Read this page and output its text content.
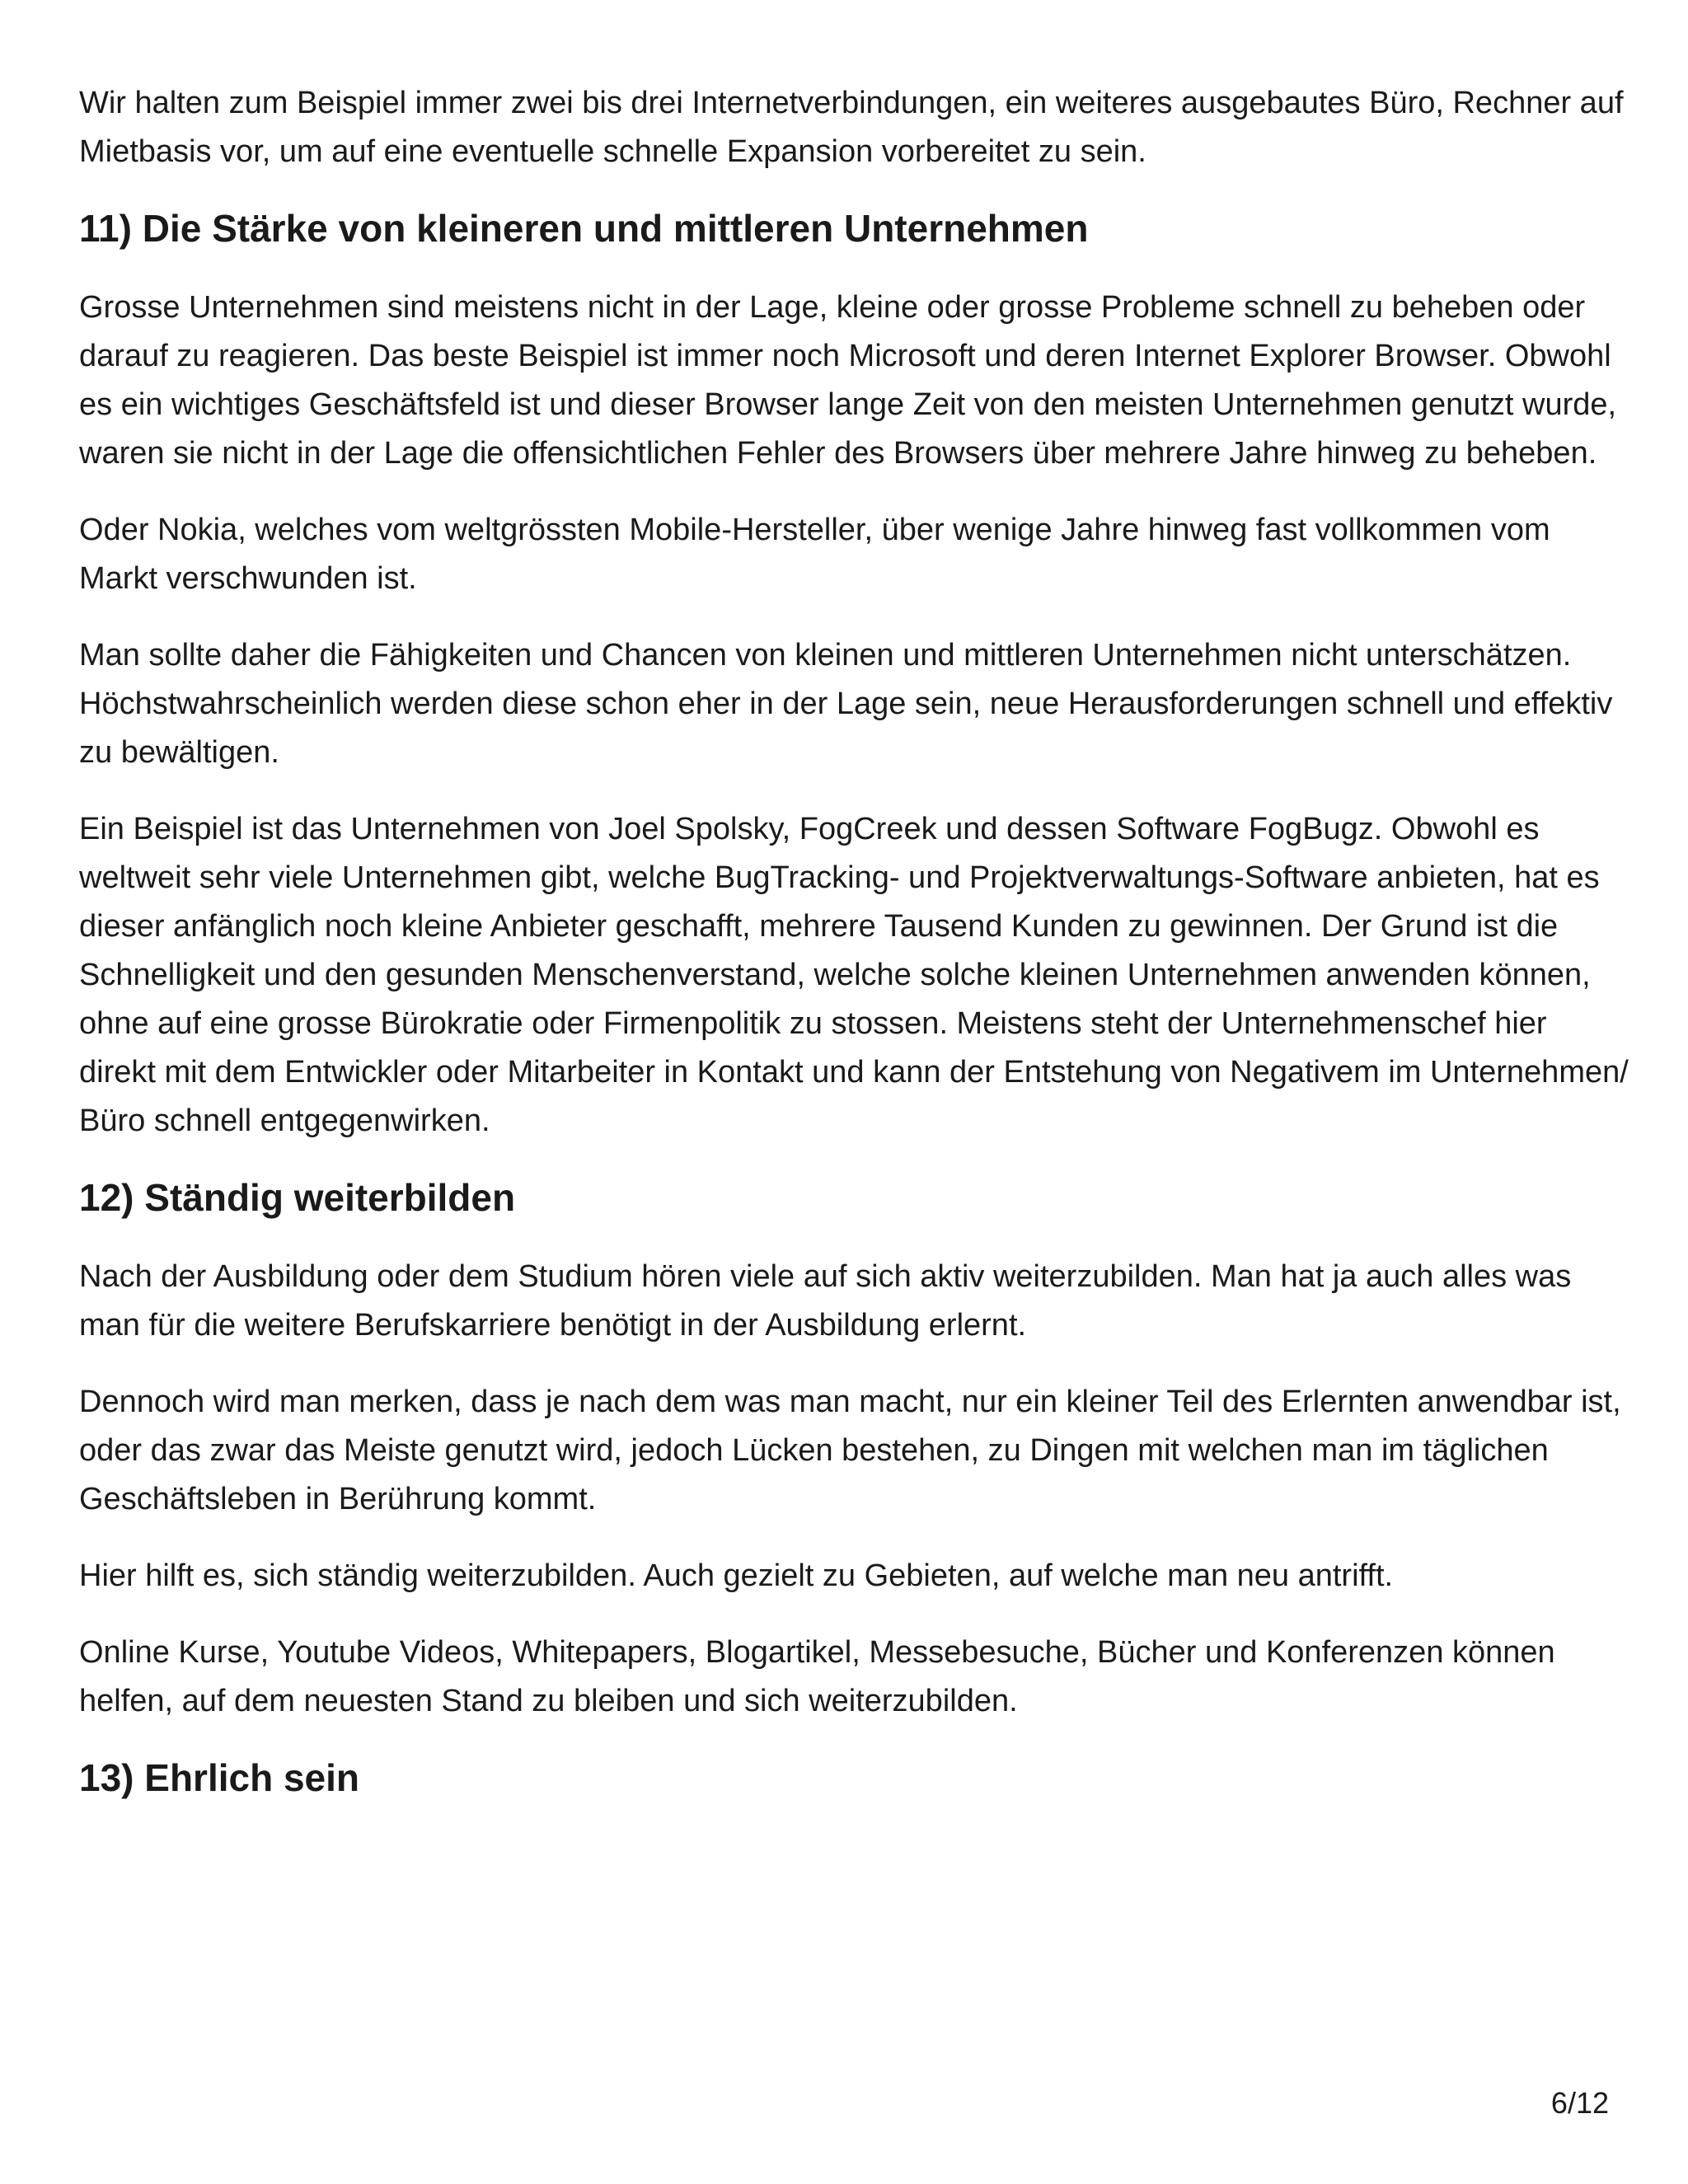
Wir halten zum Beispiel immer zwei bis drei Internetverbindungen, ein weiteres ausgebautes Büro, Rechner auf Mietbasis vor, um auf eine eventuelle schnelle Expansion vorbereitet zu sein.

11) Die Stärke von kleineren und mittleren Unternehmen

Grosse Unternehmen sind meistens nicht in der Lage, kleine oder grosse Probleme schnell zu beheben oder darauf zu reagieren. Das beste Beispiel ist immer noch Microsoft und deren Internet Explorer Browser. Obwohl es ein wichtiges Geschäftsfeld ist und dieser Browser lange Zeit von den meisten Unternehmen genutzt wurde, waren sie nicht in der Lage die offensichtlichen Fehler des Browsers über mehrere Jahre hinweg zu beheben.

Oder Nokia, welches vom weltgrössten Mobile-Hersteller, über wenige Jahre hinweg fast vollkommen vom Markt verschwunden ist.

Man sollte daher die Fähigkeiten und Chancen von kleinen und mittleren Unternehmen nicht unterschätzen. Höchstwahrscheinlich werden diese schon eher in der Lage sein, neue Herausforderungen schnell und effektiv zu bewältigen.

Ein Beispiel ist das Unternehmen von Joel Spolsky, FogCreek und dessen Software FogBugz. Obwohl es weltweit sehr viele Unternehmen gibt, welche BugTracking- und Projektverwaltungs-Software anbieten, hat es dieser anfänglich noch kleine Anbieter geschafft, mehrere Tausend Kunden zu gewinnen. Der Grund ist die Schnelligkeit und den gesunden Menschenverstand, welche solche kleinen Unternehmen anwenden können, ohne auf eine grosse Bürokratie oder Firmenpolitik zu stossen. Meistens steht der Unternehmenschef hier direkt mit dem Entwickler oder Mitarbeiter in Kontakt und kann der Entstehung von Negativem im Unternehmen/ Büro schnell entgegenwirken.

12) Ständig weiterbilden

Nach der Ausbildung oder dem Studium hören viele auf sich aktiv weiterzubilden. Man hat ja auch alles was man für die weitere Berufskarriere benötigt in der Ausbildung erlernt.

Dennoch wird man merken, dass je nach dem was man macht, nur ein kleiner Teil des Erlernten anwendbar ist, oder das zwar das Meiste genutzt wird, jedoch Lücken bestehen, zu Dingen mit welchen man im täglichen Geschäftsleben in Berührung kommt.

Hier hilft es, sich ständig weiterzubilden. Auch gezielt zu Gebieten, auf welche man neu antrifft.

Online Kurse, Youtube Videos, Whitepapers, Blogartikel, Messebesuche, Bücher und Konferenzen können helfen, auf dem neuesten Stand zu bleiben und sich weiterzubilden.

13) Ehrlich sein
6/12
